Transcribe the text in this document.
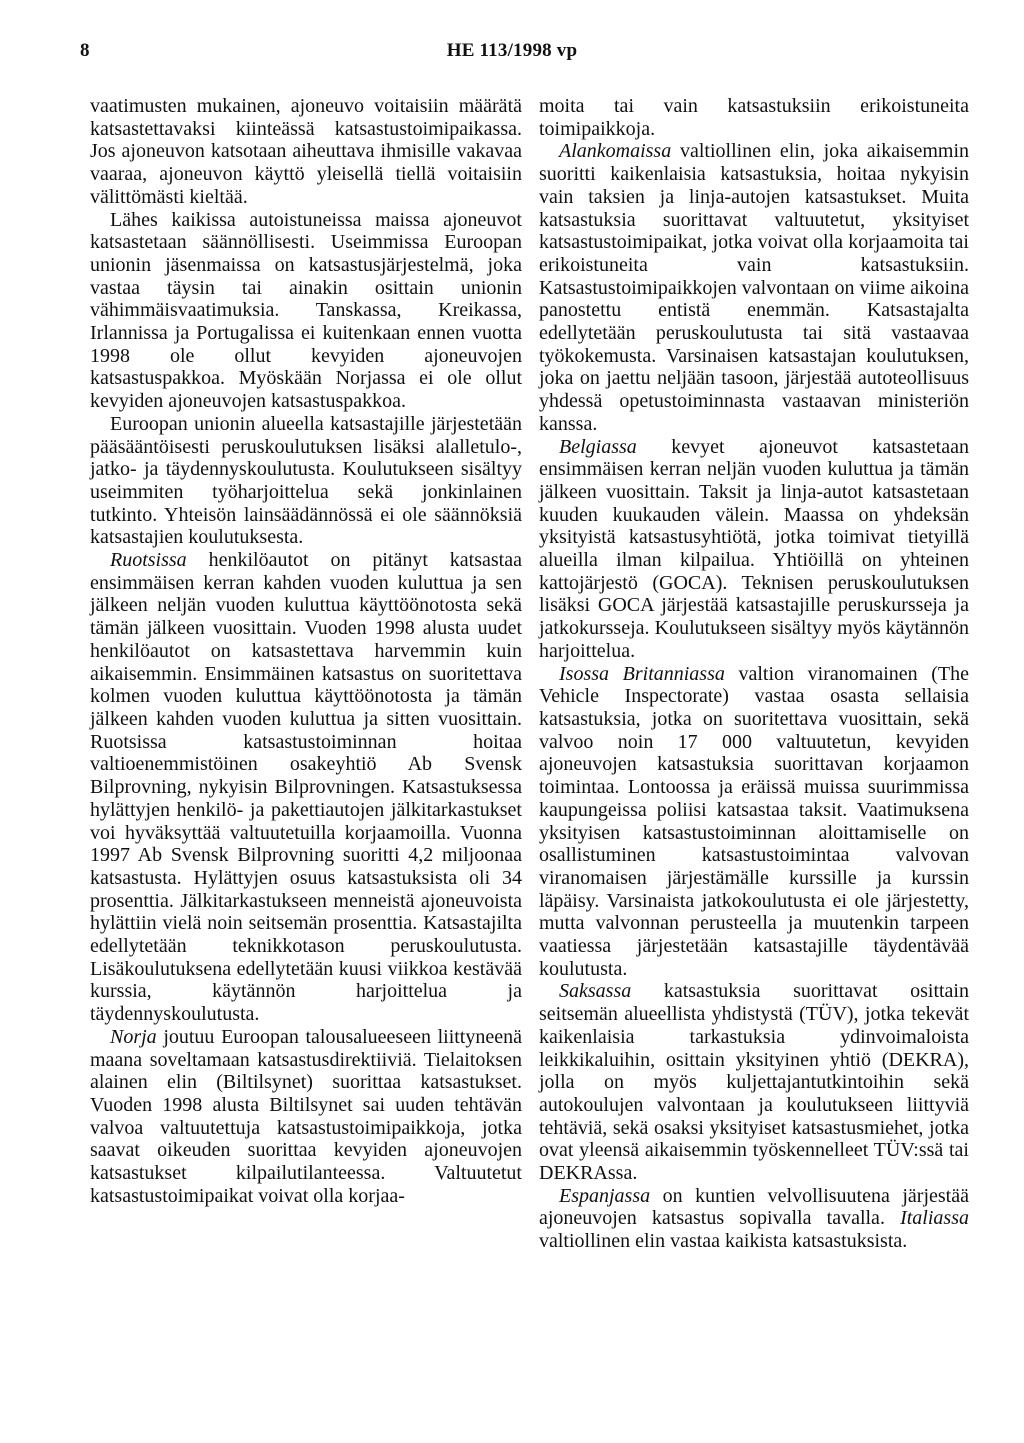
8	HE 113/1998 vp

vaatimusten mukainen, ajoneuvo voitaisiin määrätä katsastettavaksi kiinteässä katsastustoimipaikassa. Jos ajoneuvon katsotaan aiheuttava ihmisille vakavaa vaaraa, ajoneuvon käyttö yleisellä tiellä voitaisiin välittömästi kieltää.

Lähes kaikissa autoistuneissa maissa ajoneuvot katsastetaan säännöllisesti. Useimmissa Euroopan unionin jäsenmaissa on katsastusjärjestelmä, joka vastaa täysin tai ainakin osittain unionin vähimmäisvaatimuksia. Tanskassa, Kreikassa, Irlannissa ja Portugalissa ei kuitenkaan ennen vuotta 1998 ole ollut kevyiden ajoneuvojen katsastuspakkoa. Myöskään Norjassa ei ole ollut kevyiden ajoneuvojen katsastuspakkoa.

Euroopan unionin alueella katsastajille järjestetään pääsääntöisesti peruskoulutuksen lisäksi alalletulo-, jatko- ja täydennyskoulutusta. Koulutukseen sisältyy useimmiten työharjoittelua sekä jonkinlainen tutkinto. Yhteisön lainsäädännössä ei ole säännöksiä katsastajien koulutuksesta.

Ruotsissa henkilöautot on pitänyt katsastaa ensimmäisen kerran kahden vuoden kuluttua ja sen jälkeen neljän vuoden kuluttua käyttöönotosta sekä tämän jälkeen vuosittain. Vuoden 1998 alusta uudet henkilöautot on katsastettava harvemmin kuin aikaisemmin. Ensimmäinen katsastus on suoritettava kolmen vuoden kuluttua käyttöönotosta ja tämän jälkeen kahden vuoden kuluttua ja sitten vuosittain. Ruotsissa katsastustoiminnan hoitaa valtioenemmistöinen osakeyhtiö Ab Svensk Bilprovning, nykyisin Bilprovningen. Katsastuksessa hylättyjen henkilö- ja pakettiautojen jälkitarkastukset voi hyväksyttää valtuutetuilla korjaamoilla. Vuonna 1997 Ab Svensk Bilprovning suoritti 4,2 miljoonaa katsastusta. Hylättyjen osuus katsastuksista oli 34 prosenttia. Jälkitarkastukseen menneistä ajoneuvoista hylättiin vielä noin seitsemän prosenttia. Katsastajilta edellytetään teknikkotason peruskoulutusta. Lisäkoulutuksena edellytetään kuusi viikkoa kestävää kurssia, käytännön harjoittelua ja täydennyskoulutusta.

Norja joutuu Euroopan talousalueeseen liittyneenä maana soveltamaan katsastusdirektiiviä. Tielaitoksen alainen elin (Biltilsynet) suorittaa katsastukset. Vuoden 1998 alusta Biltilsynet sai uuden tehtävän valvoa valtuutettuja katsastustoimipaikkoja, jotka saavat oikeuden suorittaa kevyiden ajoneuvojen katsastukset kilpailutilanteessa. Valtuutetut katsastustoimipaikat voivat olla korjaa-

moita tai vain katsastuksiin erikoistuneita toimipaikkoja.

Alankomaissa valtiollinen elin, joka aikaisemmin suoritti kaikenlaisia katsastuksia, hoitaa nykyisin vain taksien ja linja-autojen katsastukset. Muita katsastuksia suorittavat valtuutetut, yksityiset katsastustoimipaikat, jotka voivat olla korjaamoita tai erikoistuneita vain katsastuksiin. Katsastustoimipaikkojen valvontaan on viime aikoina panostettu entistä enemmän. Katsastajalta edellytetään peruskoulutusta tai sitä vastaavaa työkokemusta. Varsinaisen katsastajan koulutuksen, joka on jaettu neljään tasoon, järjestää autoteollisuus yhdessä opetustoiminnasta vastaavan ministeriön kanssa.

Belgiassa kevyet ajoneuvot katsastetaan ensimmäisen kerran neljän vuoden kuluttua ja tämän jälkeen vuosittain. Taksit ja linja-autot katsastetaan kuuden kuukauden välein. Maassa on yhdeksän yksityistä katsastusyhtiötä, jotka toimivat tietyillä alueilla ilman kilpailua. Yhtiöillä on yhteinen kattojärjestö (GOCA). Teknisen peruskoulutuksen lisäksi GOCA järjestää katsastajille peruskursseja ja jatkokursseja. Koulutukseen sisältyy myös käytännön harjoittelua.

Isossa Britanniassa valtion viranomainen (The Vehicle Inspectorate) vastaa osasta sellaisia katsastuksia, jotka on suoritettava vuosittain, sekä valvoo noin 17 000 valtuutetun, kevyiden ajoneuvojen katsastuksia suorittavan korjaamon toimintaa. Lontoossa ja eräissä muissa suurimmissa kaupungeissa poliisi katsastaa taksit. Vaatimuksena yksityisen katsastustoiminnan aloittamiselle on osallistuminen katsastustoimintaa valvovan viranomaisen järjestämälle kurssille ja kurssin läpäisy. Varsinaista jatkokoulutusta ei ole järjestetty, mutta valvonnan perusteella ja muutenkin tarpeen vaatiessa järjestetään katsastajille täydentävää koulutusta.

Saksassa katsastuksia suorittavat osittain seitsemän alueellista yhdistystä (TÜV), jotka tekevät kaikenlaisia tarkastuksia ydinvoimaloista leikkikaluihin, osittain yksityinen yhtiö (DEKRA), jolla on myös kuljettajantutkintoihin sekä autokoulujen valvontaan ja koulutukseen liittyviä tehtäviä, sekä osaksi yksityiset katsastusmiehet, jotka ovat yleensä aikaisemmin työskennelleet TÜV:ssä tai DEKRAssa.

Espanjassa on kuntien velvollisuutena järjestää ajoneuvojen katsastus sopivalla tavalla. Italiassa valtiollinen elin vastaa kaikista katsastuksista.
